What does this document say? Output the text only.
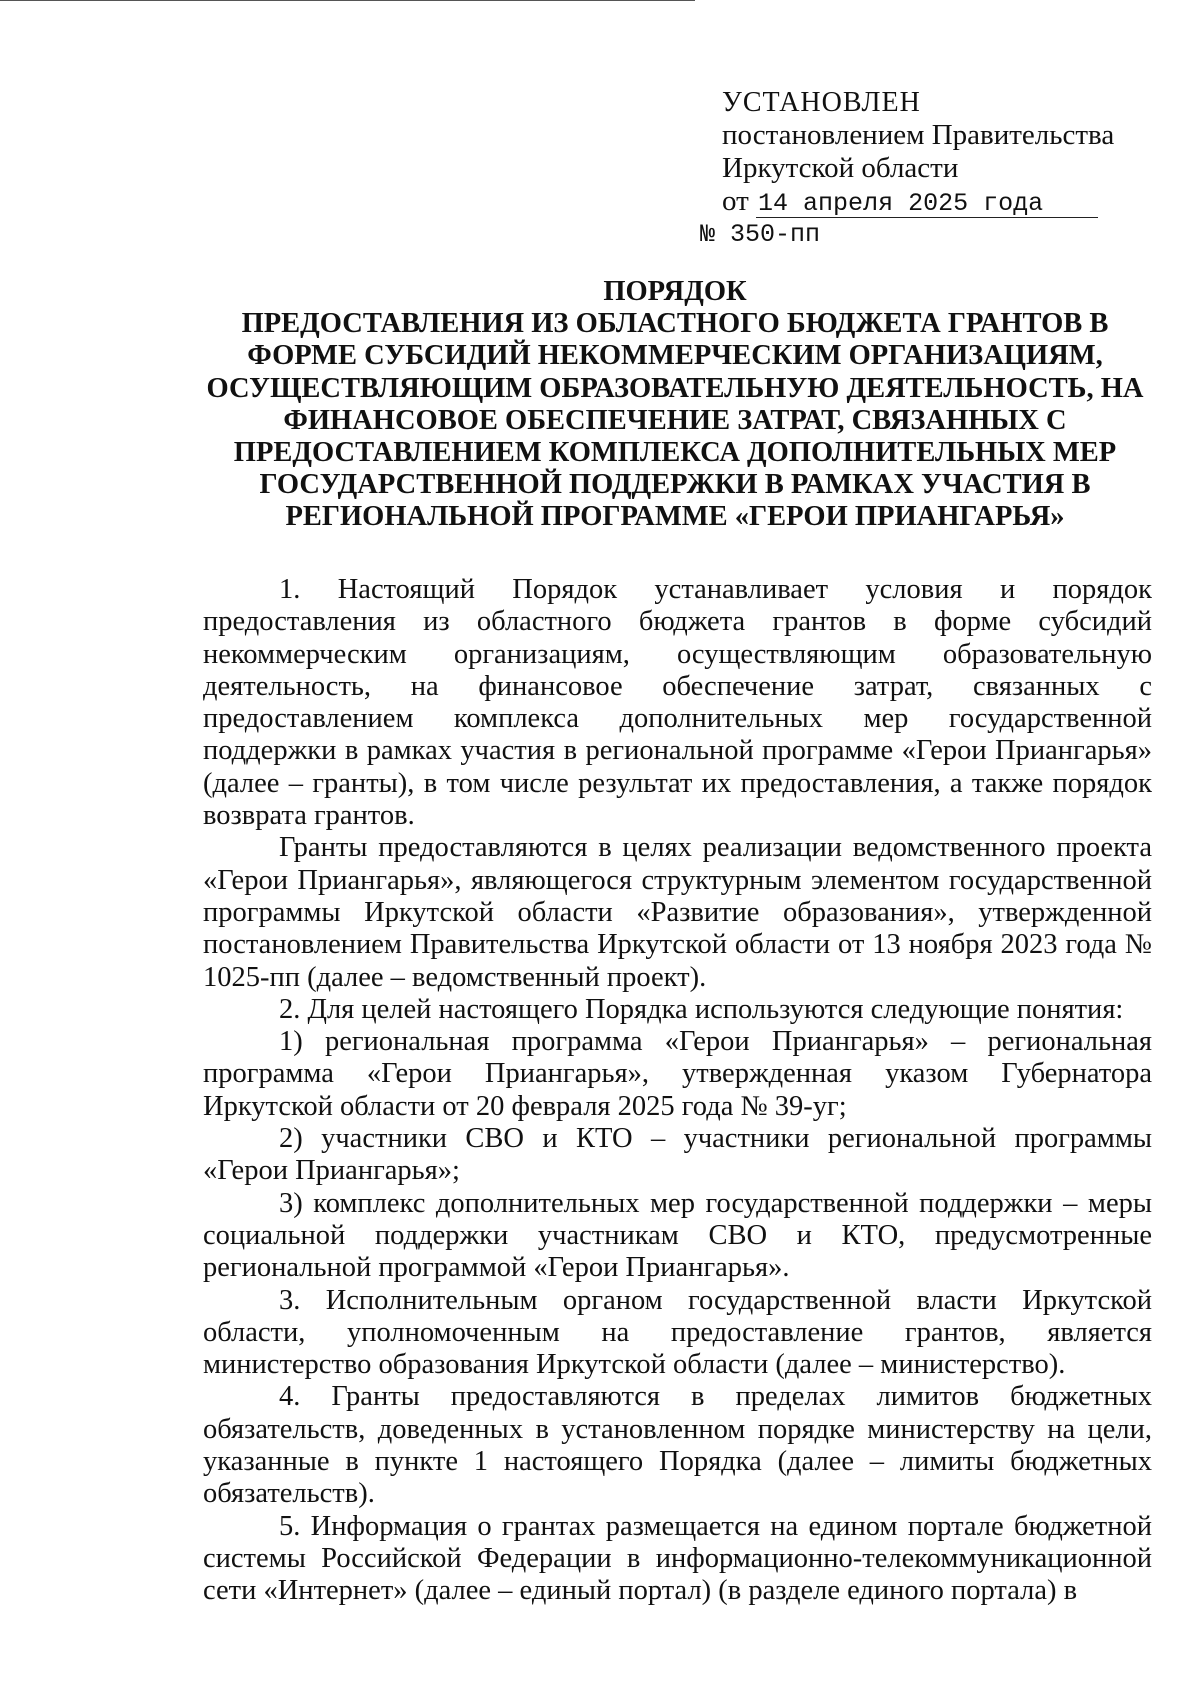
УСТАНОВЛЕН
постановлением Правительства
Иркутской области
от 14 апреля 2025 года
№ 350-пп
ПОРЯДОК
ПРЕДОСТАВЛЕНИЯ ИЗ ОБЛАСТНОГО БЮДЖЕТА ГРАНТОВ В ФОРМЕ СУБСИДИЙ НЕКОММЕРЧЕСКИМ ОРГАНИЗАЦИЯМ, ОСУЩЕСТВЛЯЮЩИМ ОБРАЗОВАТЕЛЬНУЮ ДЕЯТЕЛЬНОСТЬ, НА ФИНАНСОВОЕ ОБЕСПЕЧЕНИЕ ЗАТРАТ, СВЯЗАННЫХ С ПРЕДОСТАВЛЕНИЕМ КОМПЛЕКСА ДОПОЛНИТЕЛЬНЫХ МЕР ГОСУДАРСТВЕННОЙ ПОДДЕРЖКИ В РАМКАХ УЧАСТИЯ В РЕГИОНАЛЬНОЙ ПРОГРАММЕ «ГЕРОИ ПРИАНГАРЬЯ»

1. Настоящий Порядок устанавливает условия и порядок предоставления из областного бюджета грантов в форме субсидий некоммерческим организациям, осуществляющим образовательную деятельность, на финансовое обеспечение затрат, связанных с предоставлением комплекса дополнительных мер государственной поддержки в рамках участия в региональной программе «Герои Приангарья» (далее – гранты), в том числе результат их предоставления, а также порядок возврата грантов.

Гранты предоставляются в целях реализации ведомственного проекта «Герои Приангарья», являющегося структурным элементом государственной программы Иркутской области «Развитие образования», утвержденной постановлением Правительства Иркутской области от 13 ноября 2023 года № 1025-пп (далее – ведомственный проект).

2. Для целей настоящего Порядка используются следующие понятия:

1) региональная программа «Герои Приангарья» – региональная программа «Герои Приангарья», утвержденная указом Губернатора Иркутской области от 20 февраля 2025 года № 39-уг;

2) участники СВО и КТО – участники региональной программы «Герои Приангарья»;

3) комплекс дополнительных мер государственной поддержки – меры социальной поддержки участникам СВО и КТО, предусмотренные региональной программой «Герои Приангарья».

3. Исполнительным органом государственной власти Иркутской области, уполномоченным на предоставление грантов, является министерство образования Иркутской области (далее – министерство).

4. Гранты предоставляются в пределах лимитов бюджетных обязательств, доведенных в установленном порядке министерству на цели, указанные в пункте 1 настоящего Порядка (далее – лимиты бюджетных обязательств).

5. Информация о грантах размещается на едином портале бюджетной системы Российской Федерации в информационно-телекоммуникационной сети «Интернет» (далее – единый портал) (в разделе единого портала) в
